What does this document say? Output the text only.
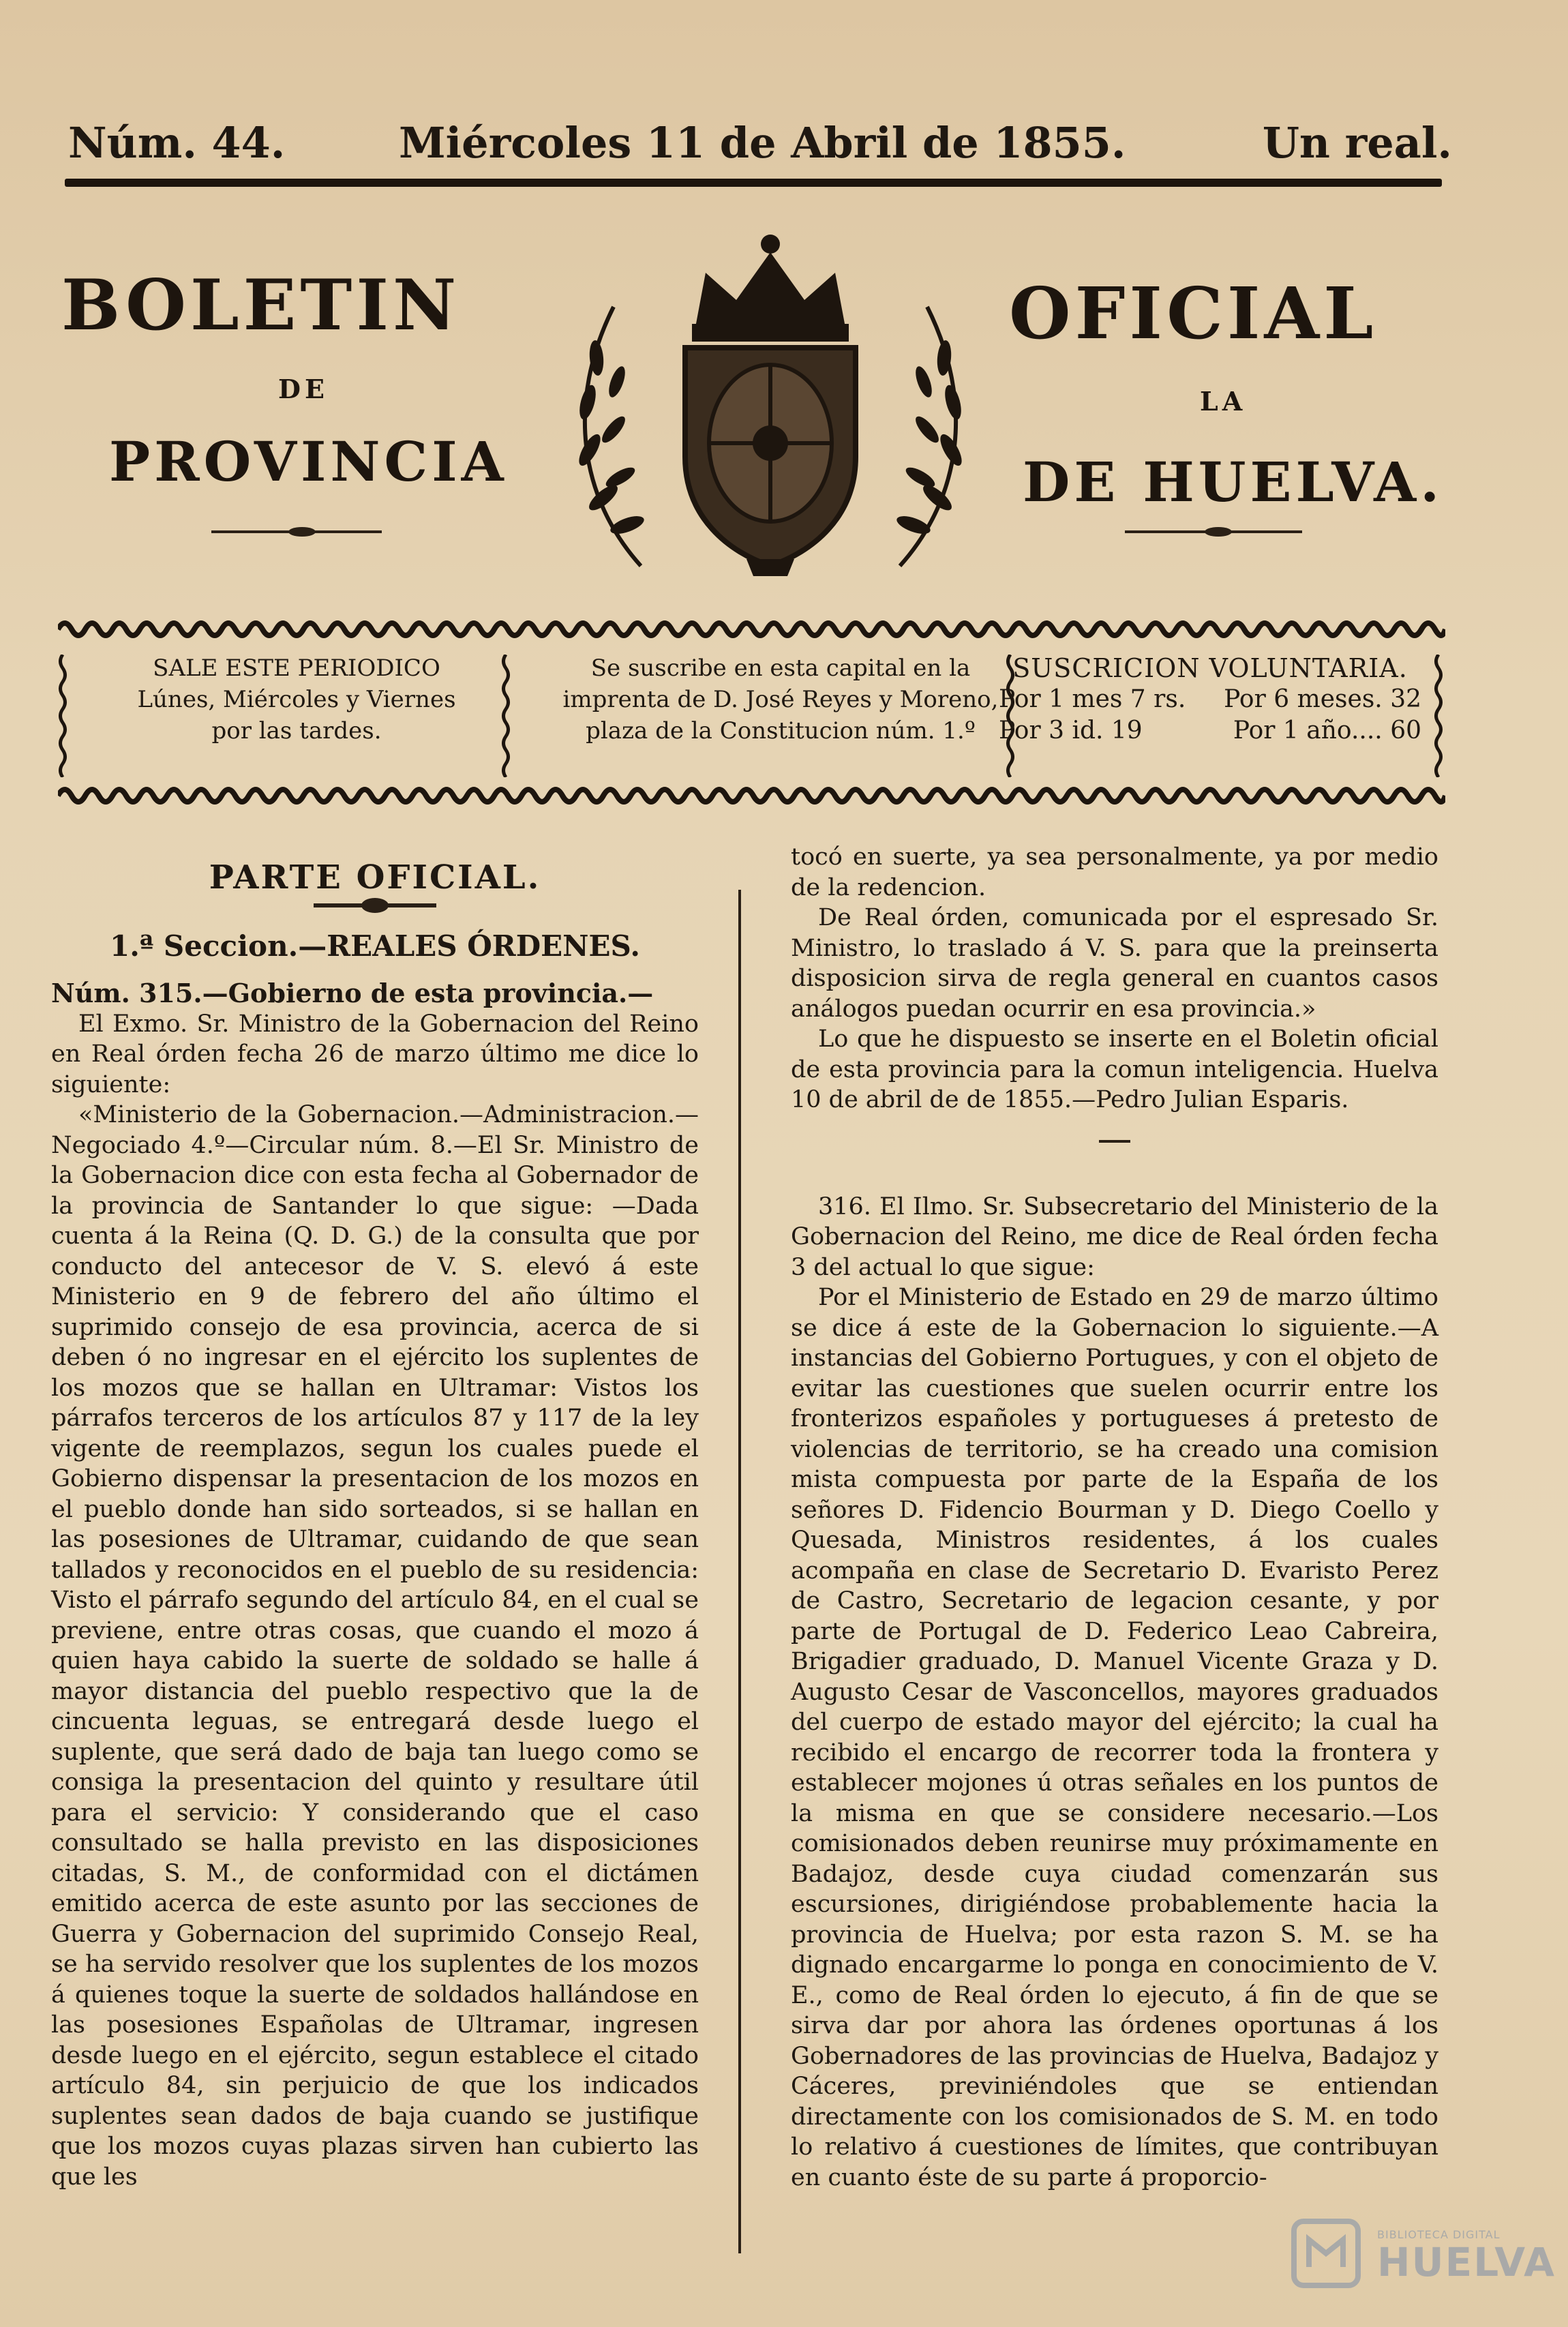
Núm. 44.	Miércoles 11 de Abril de 1855.	Un real.
BOLETIN	OFICIAL
DE	LA
PROVINCIA	DE HUELVA.
SALE ESTE PERIODICO
Lúnes, Miércoles y Viernes
por las tardes.
Se suscribe en esta capital en la
imprenta de D. José Reyes y Moreno,
plaza de la Constitucion núm. 1.º
SUSCRICION VOLUNTARIA.
Por 1 mes 7 rs. Por 6 meses. 32
Por 3 id. 19	Por 1 año.... 60
PARTE OFICIAL.
1.ª Seccion.—REALES ÓRDENES.

Núm. 315.—Gobierno de esta provincia.—

El Exmo. Sr. Ministro de la Gobernacion del Reino en Real órden fecha 26 de marzo último me dice lo siguiente:

«Ministerio de la Gobernacion.—Administracion.—Negociado 4.º—Circular núm. 8.—El Sr. Ministro de la Gobernacion dice con esta fecha al Gobernador de la provincia de Santander lo que sigue: —Dada cuenta á la Reina (Q. D. G.) de la consulta que por conducto del antecesor de V. S. elevó á este Ministerio en 9 de febrero del año último el suprimido consejo de esa provincia, acerca de si deben ó no ingresar en el ejército los suplentes de los mozos que se hallan en Ultramar: Vistos los párrafos terceros de los artículos 87 y 117 de la ley vigente de reemplazos, segun los cuales puede el Gobierno dispensar la presentacion de los mozos en el pueblo donde han sido sorteados, si se hallan en las posesiones de Ultramar, cuidando de que sean tallados y reconocidos en el pueblo de su residencia: Visto el párrafo segundo del artículo 84, en el cual se previene, entre otras cosas, que cuando el mozo á quien haya cabido la suerte de soldado se halle á mayor distancia del pueblo respectivo que la de cincuenta leguas, se entregará desde luego el suplente, que será dado de baja tan luego como se consiga la presentacion del quinto y resultare útil para el servicio: Y considerando que el caso consultado se halla previsto en las disposiciones citadas, S. M., de conformidad con el dictámen emitido acerca de este asunto por las secciones de Guerra y Gobernacion del suprimido Consejo Real, se ha servido resolver que los suplentes de los mozos á quienes toque la suerte de soldados hallándose en las posesiones Españolas de Ultramar, ingresen desde luego en el ejército, segun establece el citado artículo 84, sin perjuicio de que los indicados suplentes sean dados de baja cuando se justifique que los mozos cuyas plazas sirven han cubierto las que les

tocó en suerte, ya sea personalmente, ya por medio de la redencion.

De Real órden, comunicada por el espresado Sr. Ministro, lo traslado á V. S. para que la preinserta disposicion sirva de regla general en cuantos casos análogos puedan ocurrir en esa provincia.»

Lo que he dispuesto se inserte en el Boletin oficial de esta provincia para la comun inteligencia. Huelva 10 de abril de de 1855.—Pedro Julian Esparis.

316. El Ilmo. Sr. Subsecretario del Ministerio de la Gobernacion del Reino, me dice de Real órden fecha 3 del actual lo que sigue:

Por el Ministerio de Estado en 29 de marzo último se dice á este de la Gobernacion lo siguiente.—A instancias del Gobierno Portugues, y con el objeto de evitar las cuestiones que suelen ocurrir entre los fronterizos españoles y portugueses á pretesto de violencias de territorio, se ha creado una comision mista compuesta por parte de la España de los señores D. Fidencio Bourman y D. Diego Coello y Quesada, Ministros residentes, á los cuales acompaña en clase de Secretario D. Evaristo Perez de Castro, Secretario de legacion cesante, y por parte de Portugal de D. Federico Leao Cabreira, Brigadier graduado, D. Manuel Vicente Graza y D. Augusto Cesar de Vasconcellos, mayores graduados del cuerpo de estado mayor del ejército; la cual ha recibido el encargo de recorrer toda la frontera y establecer mojones ú otras señales en los puntos de la misma en que se considere necesario.—Los comisionados deben reunirse muy próximamente en Badajoz, desde cuya ciudad comenzarán sus escursiones, dirigiéndose probablemente hacia la provincia de Huelva; por esta razon S. M. se ha dignado encargarme lo ponga en conocimiento de V. E., como de Real órden lo ejecuto, á fin de que se sirva dar por ahora las órdenes oportunas á los Gobernadores de las provincias de Huelva, Badajoz y Cáceres, previniéndoles que se entiendan directamente con los comisionados de S. M. en todo lo relativo á cuestiones de límites, que contribuyan en cuanto éste de su parte á proporcio-

BIBLIOTECA DIGITAL
HUELVA
